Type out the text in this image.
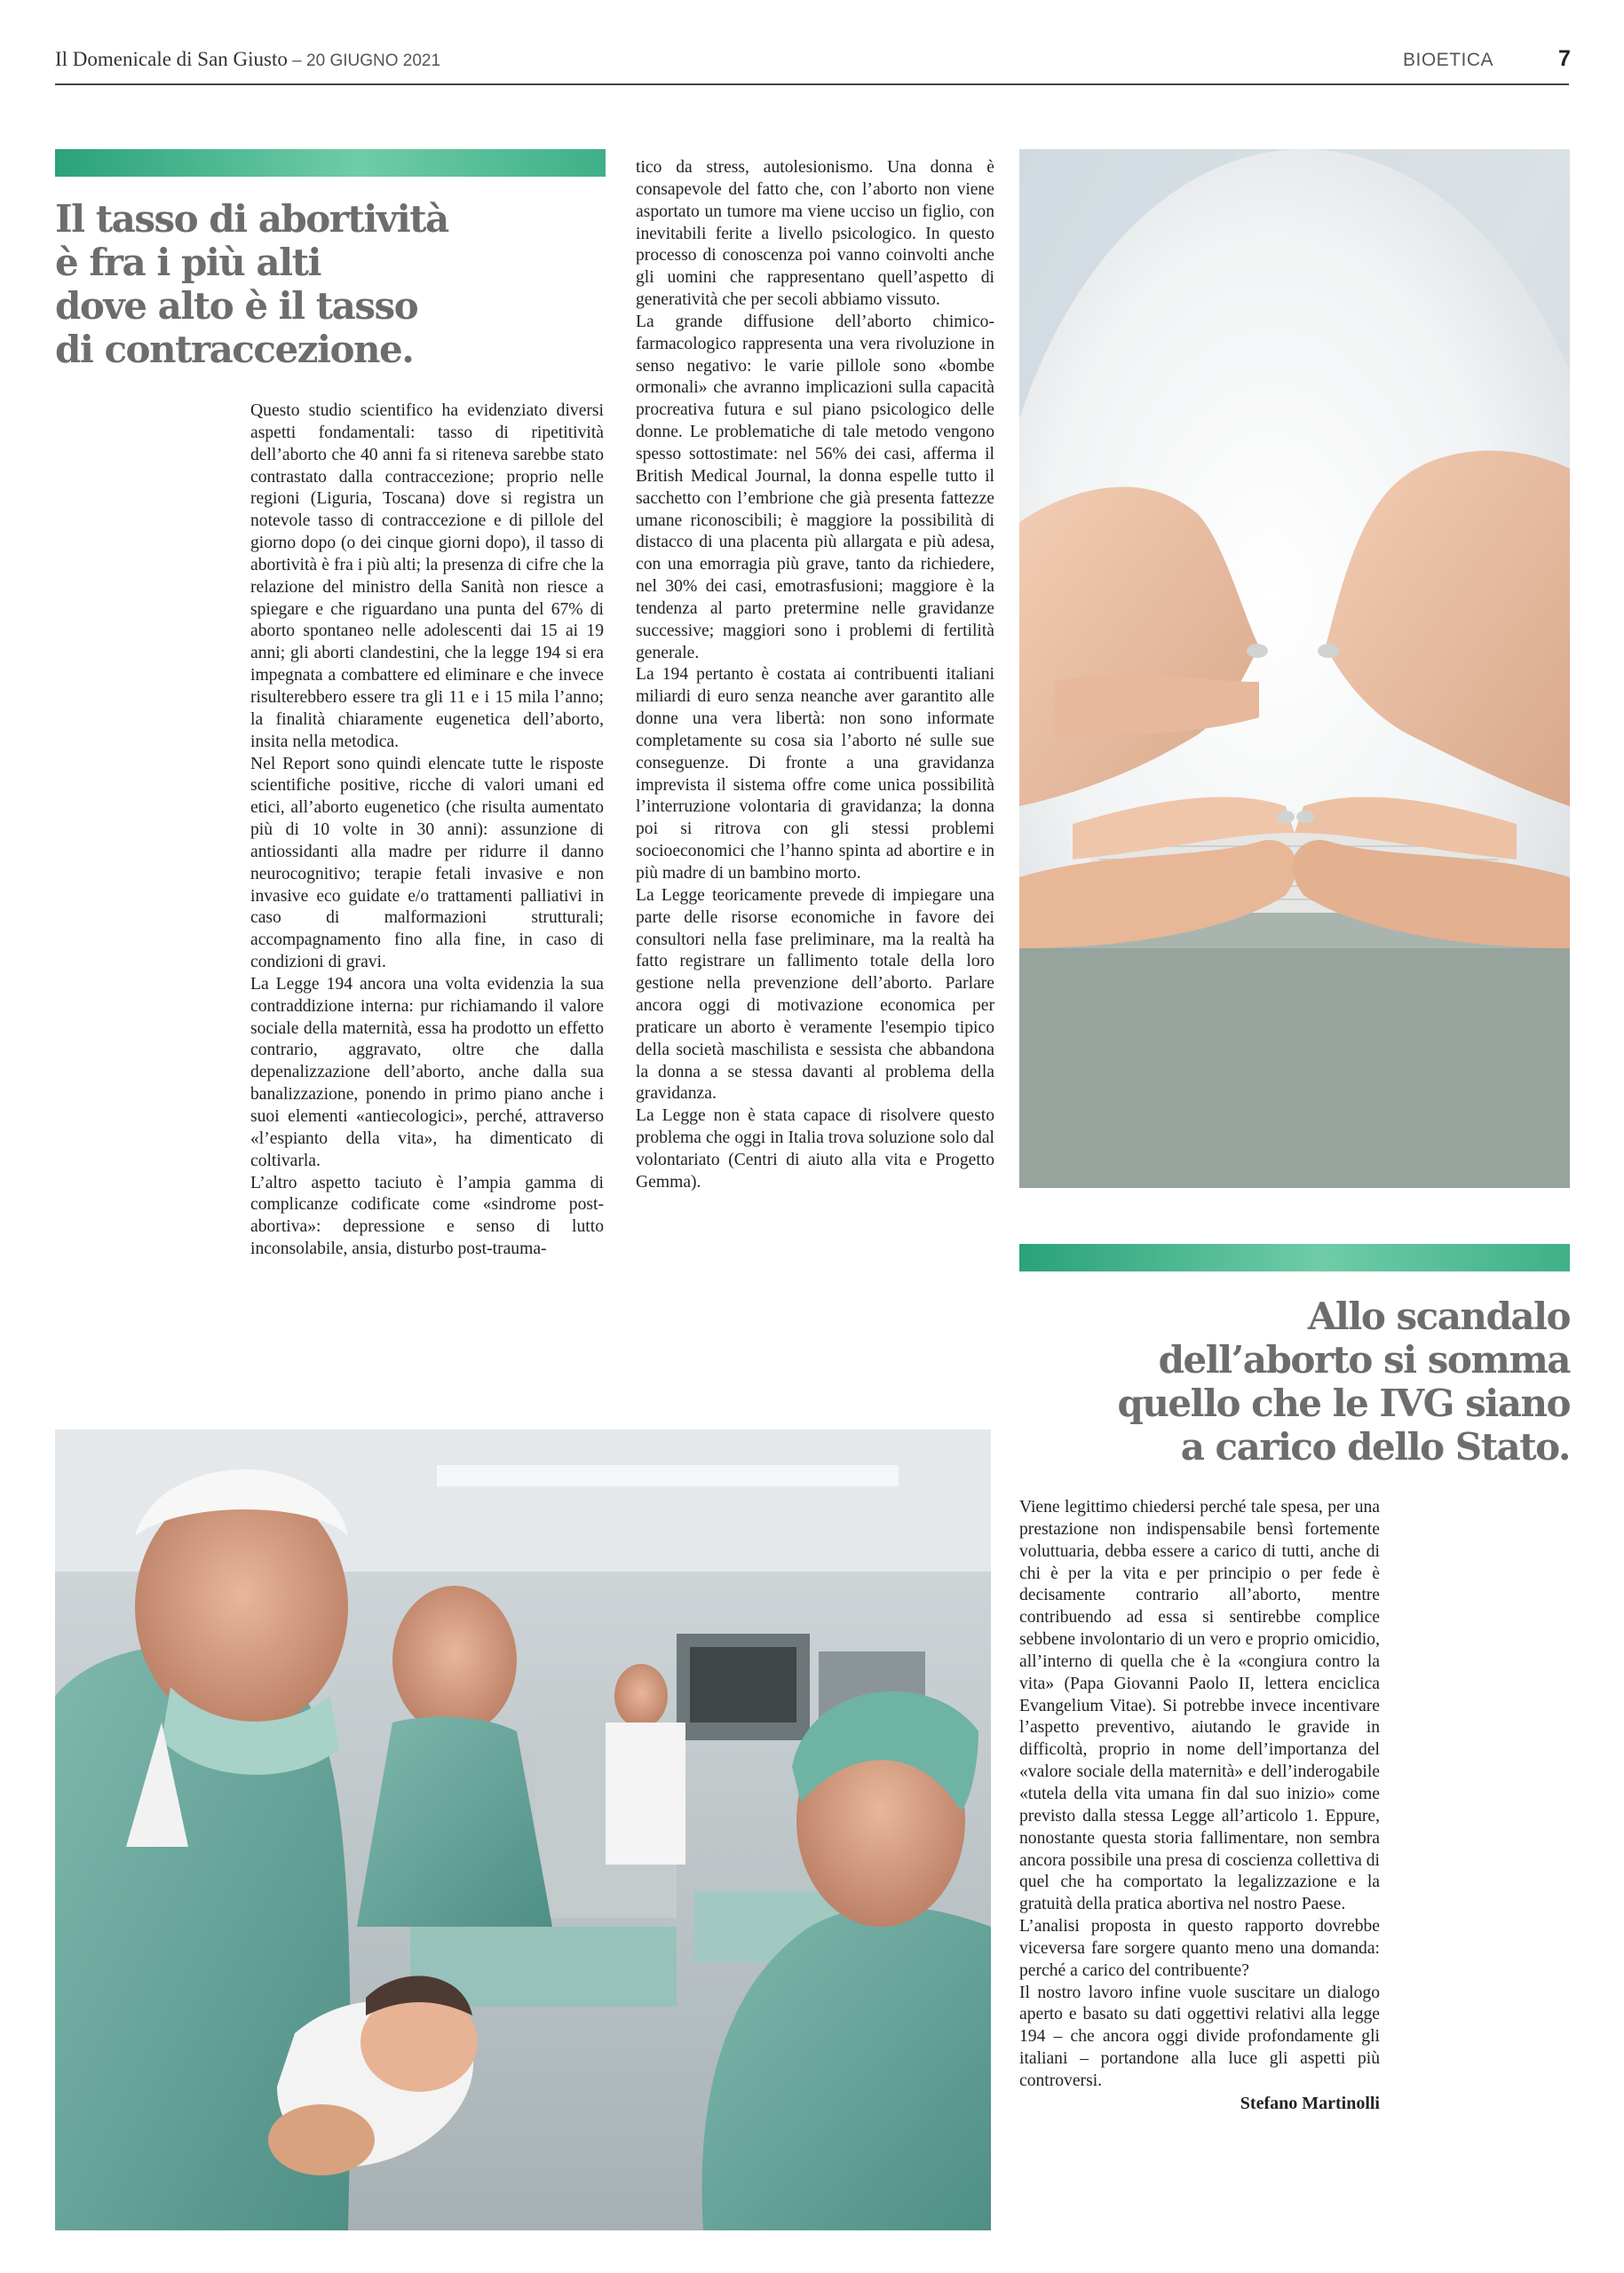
Il Domenicale di San Giusto – 20 GIUGNO 2021	BIOETICA	7
Il tasso di abortività
è fra i più alti
dove alto è il tasso
di contraccezione.

Questo studio scientifico ha evidenziato diversi aspetti fondamentali: tasso di ripetitività dell’aborto che 40 anni fa si riteneva sarebbe stato contrastato dalla contraccezione; proprio nelle regioni (Liguria, Toscana) dove si registra un notevole tasso di contraccezione e di pillole del giorno dopo (o dei cinque giorni dopo), il tasso di abortività è fra i più alti; la presenza di cifre che la relazione del ministro della Sanità non riesce a spiegare e che riguardano una punta del 67% di aborto spontaneo nelle adolescenti dai 15 ai 19 anni; gli aborti clandestini, che la legge 194 si era impegnata a combattere ed eliminare e che invece risulterebbero essere tra gli 11 e i 15 mila l’anno; la finalità chiaramente eugenetica dell’aborto, insita nella metodica.

Nel Report sono quindi elencate tutte le risposte scientifiche positive, ricche di valori umani ed etici, all’aborto eugenetico (che risulta aumentato più di 10 volte in 30 anni): assunzione di antiossidanti alla madre per ridurre il danno neurocognitivo; terapie fetali invasive e non invasive eco guidate e/o trattamenti palliativi in caso di malformazioni strutturali; accompagnamento fino alla fine, in caso di condizioni di gravi.

La Legge 194 ancora una volta evidenzia la sua contraddizione interna: pur richiamando il valore sociale della maternità, essa ha prodotto un effetto contrario, aggravato, oltre che dalla depenalizzazione dell’aborto, anche dalla sua banalizzazione, ponendo in primo piano anche i suoi elementi «antiecologici», perché, attraverso «l’espianto della vita», ha dimenticato di coltivarla.

L’altro aspetto taciuto è l’ampia gamma di complicanze codificate come «sindrome post-abortiva»: depressione e senso di lutto inconsolabile, ansia, disturbo post-trauma-

tico da stress, autolesionismo. Una donna è consapevole del fatto che, con l’aborto non viene asportato un tumore ma viene ucciso un figlio, con inevitabili ferite a livello psicologico. In questo processo di conoscenza poi vanno coinvolti anche gli uomini che rappresentano quell’aspetto di generatività che per secoli abbiamo vissuto.

La grande diffusione dell’aborto chimico-farmacologico rappresenta una vera rivoluzione in senso negativo: le varie pillole sono «bombe ormonali» che avranno implicazioni sulla capacità procreativa futura e sul piano psicologico delle donne. Le problematiche di tale metodo vengono spesso sottostimate: nel 56% dei casi, afferma il British Medical Journal, la donna espelle tutto il sacchetto con l’embrione che già presenta fattezze umane riconoscibili; è maggiore la possibilità di distacco di una placenta più allargata e più adesa, con una emorragia più grave, tanto da richiedere, nel 30% dei casi, emotrasfusioni; maggiore è la tendenza al parto pretermine nelle gravidanze successive; maggiori sono i problemi di fertilità generale.

La 194 pertanto è costata ai contribuenti italiani miliardi di euro senza neanche aver garantito alle donne una vera libertà: non sono informate completamente su cosa sia l’aborto né sulle sue conseguenze. Di fronte a una gravidanza imprevista il sistema offre come unica possibilità l’interruzione volontaria di gravidanza; la donna poi si ritrova con gli stessi problemi socioeconomici che l’hanno spinta ad abortire e in più madre di un bambino morto.

La Legge teoricamente prevede di impiegare una parte delle risorse economiche in favore dei consultori nella fase preliminare, ma la realtà ha fatto registrare un fallimento totale della loro gestione nella prevenzione dell’aborto. Parlare ancora oggi di motivazione economica per praticare un aborto è veramente l'esempio tipico della società maschilista e sessista che abbandona la donna a se stessa davanti al problema della gravidanza.

La Legge non è stata capace di risolvere questo problema che oggi in Italia trova soluzione solo dal volontariato (Centri di aiuto alla vita e Progetto Gemma).

Allo scandalo
dell’aborto si somma
quello che le IVG siano
a carico dello Stato.

Viene legittimo chiedersi perché tale spesa, per una prestazione non indispensabile bensì fortemente voluttuaria, debba essere a carico di tutti, anche di chi è per la vita e per principio o per fede è decisamente contrario all’aborto, mentre contribuendo ad essa si sentirebbe complice sebbene involontario di un vero e proprio omicidio, all’interno di quella che è la «congiura contro la vita» (Papa Giovanni Paolo II, lettera enciclica Evangelium Vitae). Si potrebbe invece incentivare l’aspetto preventivo, aiutando le gravide in difficoltà, proprio in nome dell’importanza del «valore sociale della maternità» e dell’inderogabile «tutela della vita umana fin dal suo inizio» come previsto dalla stessa Legge all’articolo 1. Eppure, nonostante questa storia fallimentare, non sembra ancora possibile una presa di coscienza collettiva di quel che ha comportato la legalizzazione e la gratuità della pratica abortiva nel nostro Paese.

L’analisi proposta in questo rapporto dovrebbe viceversa fare sorgere quanto meno una domanda: perché a carico del contribuente?

Il nostro lavoro infine vuole suscitare un dialogo aperto e basato su dati oggettivi relativi alla legge 194 – che ancora oggi divide profondamente gli italiani – portandone alla luce gli aspetti più controversi.

Stefano Martinolli
